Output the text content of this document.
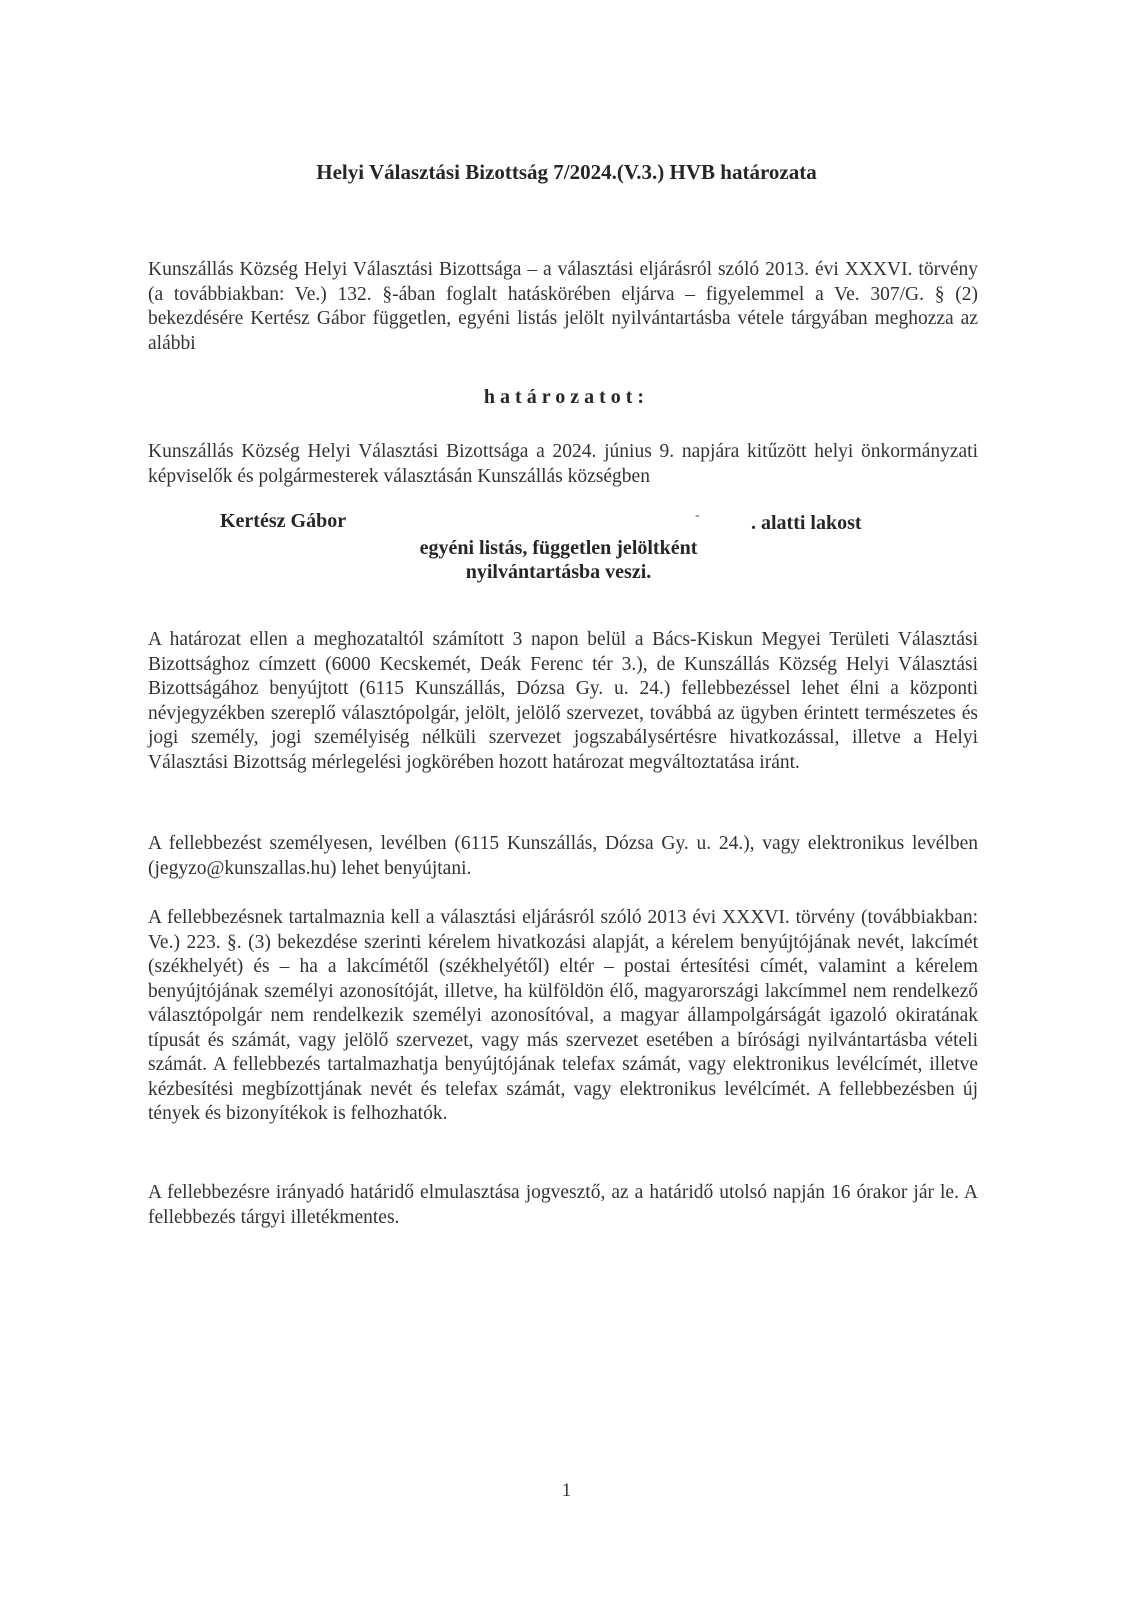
Helyi Választási Bizottság 7/2024.(V.3.) HVB határozata
Kunszállás Község Helyi Választási Bizottsága – a választási eljárásról szóló 2013. évi XXXVI. törvény (a továbbiakban: Ve.) 132. §-ában foglalt hatáskörében eljárva – figyelemmel a Ve. 307/G. § (2) bekezdésére Kertész Gábor független, egyéni listás jelölt nyilvántartásba vétele tárgyában meghozza az alábbi
határozatot:
Kunszállás Község Helyi Választási Bizottsága a 2024. június 9. napjára kitűzött helyi önkormányzati képviselők és polgármesterek választásán Kunszállás községben
Kertész Gábor	-	. alatti lakost
egyéni listás, független jelöltként
nyilvántartásba veszi.
A határozat ellen a meghozataltól számított 3 napon belül a Bács-Kiskun Megyei Területi Választási Bizottsághoz címzett (6000 Kecskemét, Deák Ferenc tér 3.), de Kunszállás Község Helyi Választási Bizottságához benyújtott (6115 Kunszállás, Dózsa Gy. u. 24.) fellebbezéssel lehet élni a központi névjegyzékben szereplő választópolgár, jelölt, jelölő szervezet, továbbá az ügyben érintett természetes és jogi személy, jogi személyiség nélküli szervezet jogszabálysértésre hivatkozással, illetve a Helyi Választási Bizottság mérlegelési jogkörében hozott határozat megváltoztatása iránt.
A fellebbezést személyesen, levélben (6115 Kunszállás, Dózsa Gy. u. 24.), vagy elektronikus levélben (jegyzo@kunszallas.hu) lehet benyújtani.
A fellebbezésnek tartalmaznia kell a választási eljárásról szóló 2013 évi XXXVI. törvény (továbbiakban: Ve.) 223. §. (3) bekezdése szerinti kérelem hivatkozási alapját, a kérelem benyújtójának nevét, lakcímét (székhelyét) és – ha a lakcímétől (székhelyétől) eltér – postai értesítési címét, valamint a kérelem benyújtójának személyi azonosítóját, illetve, ha külföldön élő, magyarországi lakcímmel nem rendelkező választópolgár nem rendelkezik személyi azonosítóval, a magyar állampolgárságát igazoló okiratának típusát és számát, vagy jelölő szervezet, vagy más szervezet esetében a bírósági nyilvántartásba vételi számát. A fellebbezés tartalmazhatja benyújtójának telefax számát, vagy elektronikus levélcímét, illetve kézbesítési megbízottjának nevét és telefax számát, vagy elektronikus levélcímét. A fellebbezésben új tények és bizonyítékok is felhozhatók.
A fellebbezésre irányadó határidő elmulasztása jogvesztő, az a határidő utolsó napján 16 órakor jár le. A fellebbezés tárgyi illetékmentes.
1
